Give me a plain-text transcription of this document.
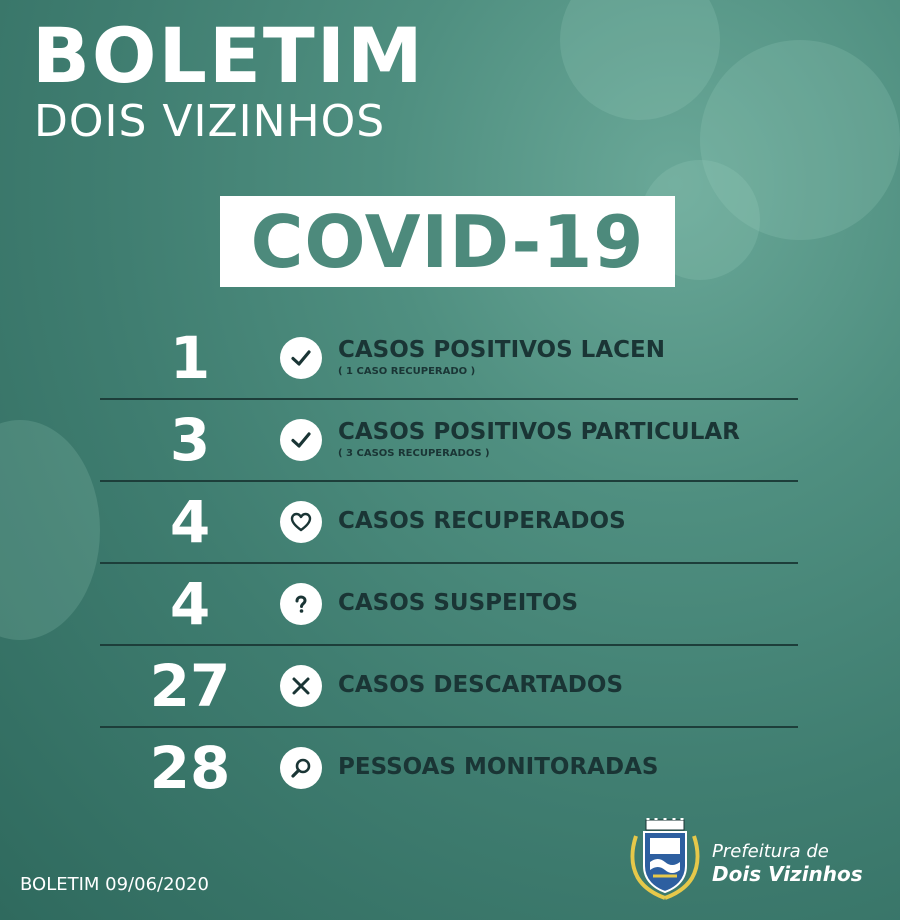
BOLETIM
DOIS VIZINHOS
COVID-19
1	CASOS POSITIVOS LACEN
( 1 CASO RECUPERADO )
3	CASOS POSITIVOS PARTICULAR
( 3 CASOS RECUPERADOS )
4	CASOS RECUPERADOS
4	CASOS SUSPEITOS
27	CASOS DESCARTADOS
28	PESSOAS MONITORADAS
BOLETIM 09/06/2020
Prefeitura de
Dois Vizinhos
